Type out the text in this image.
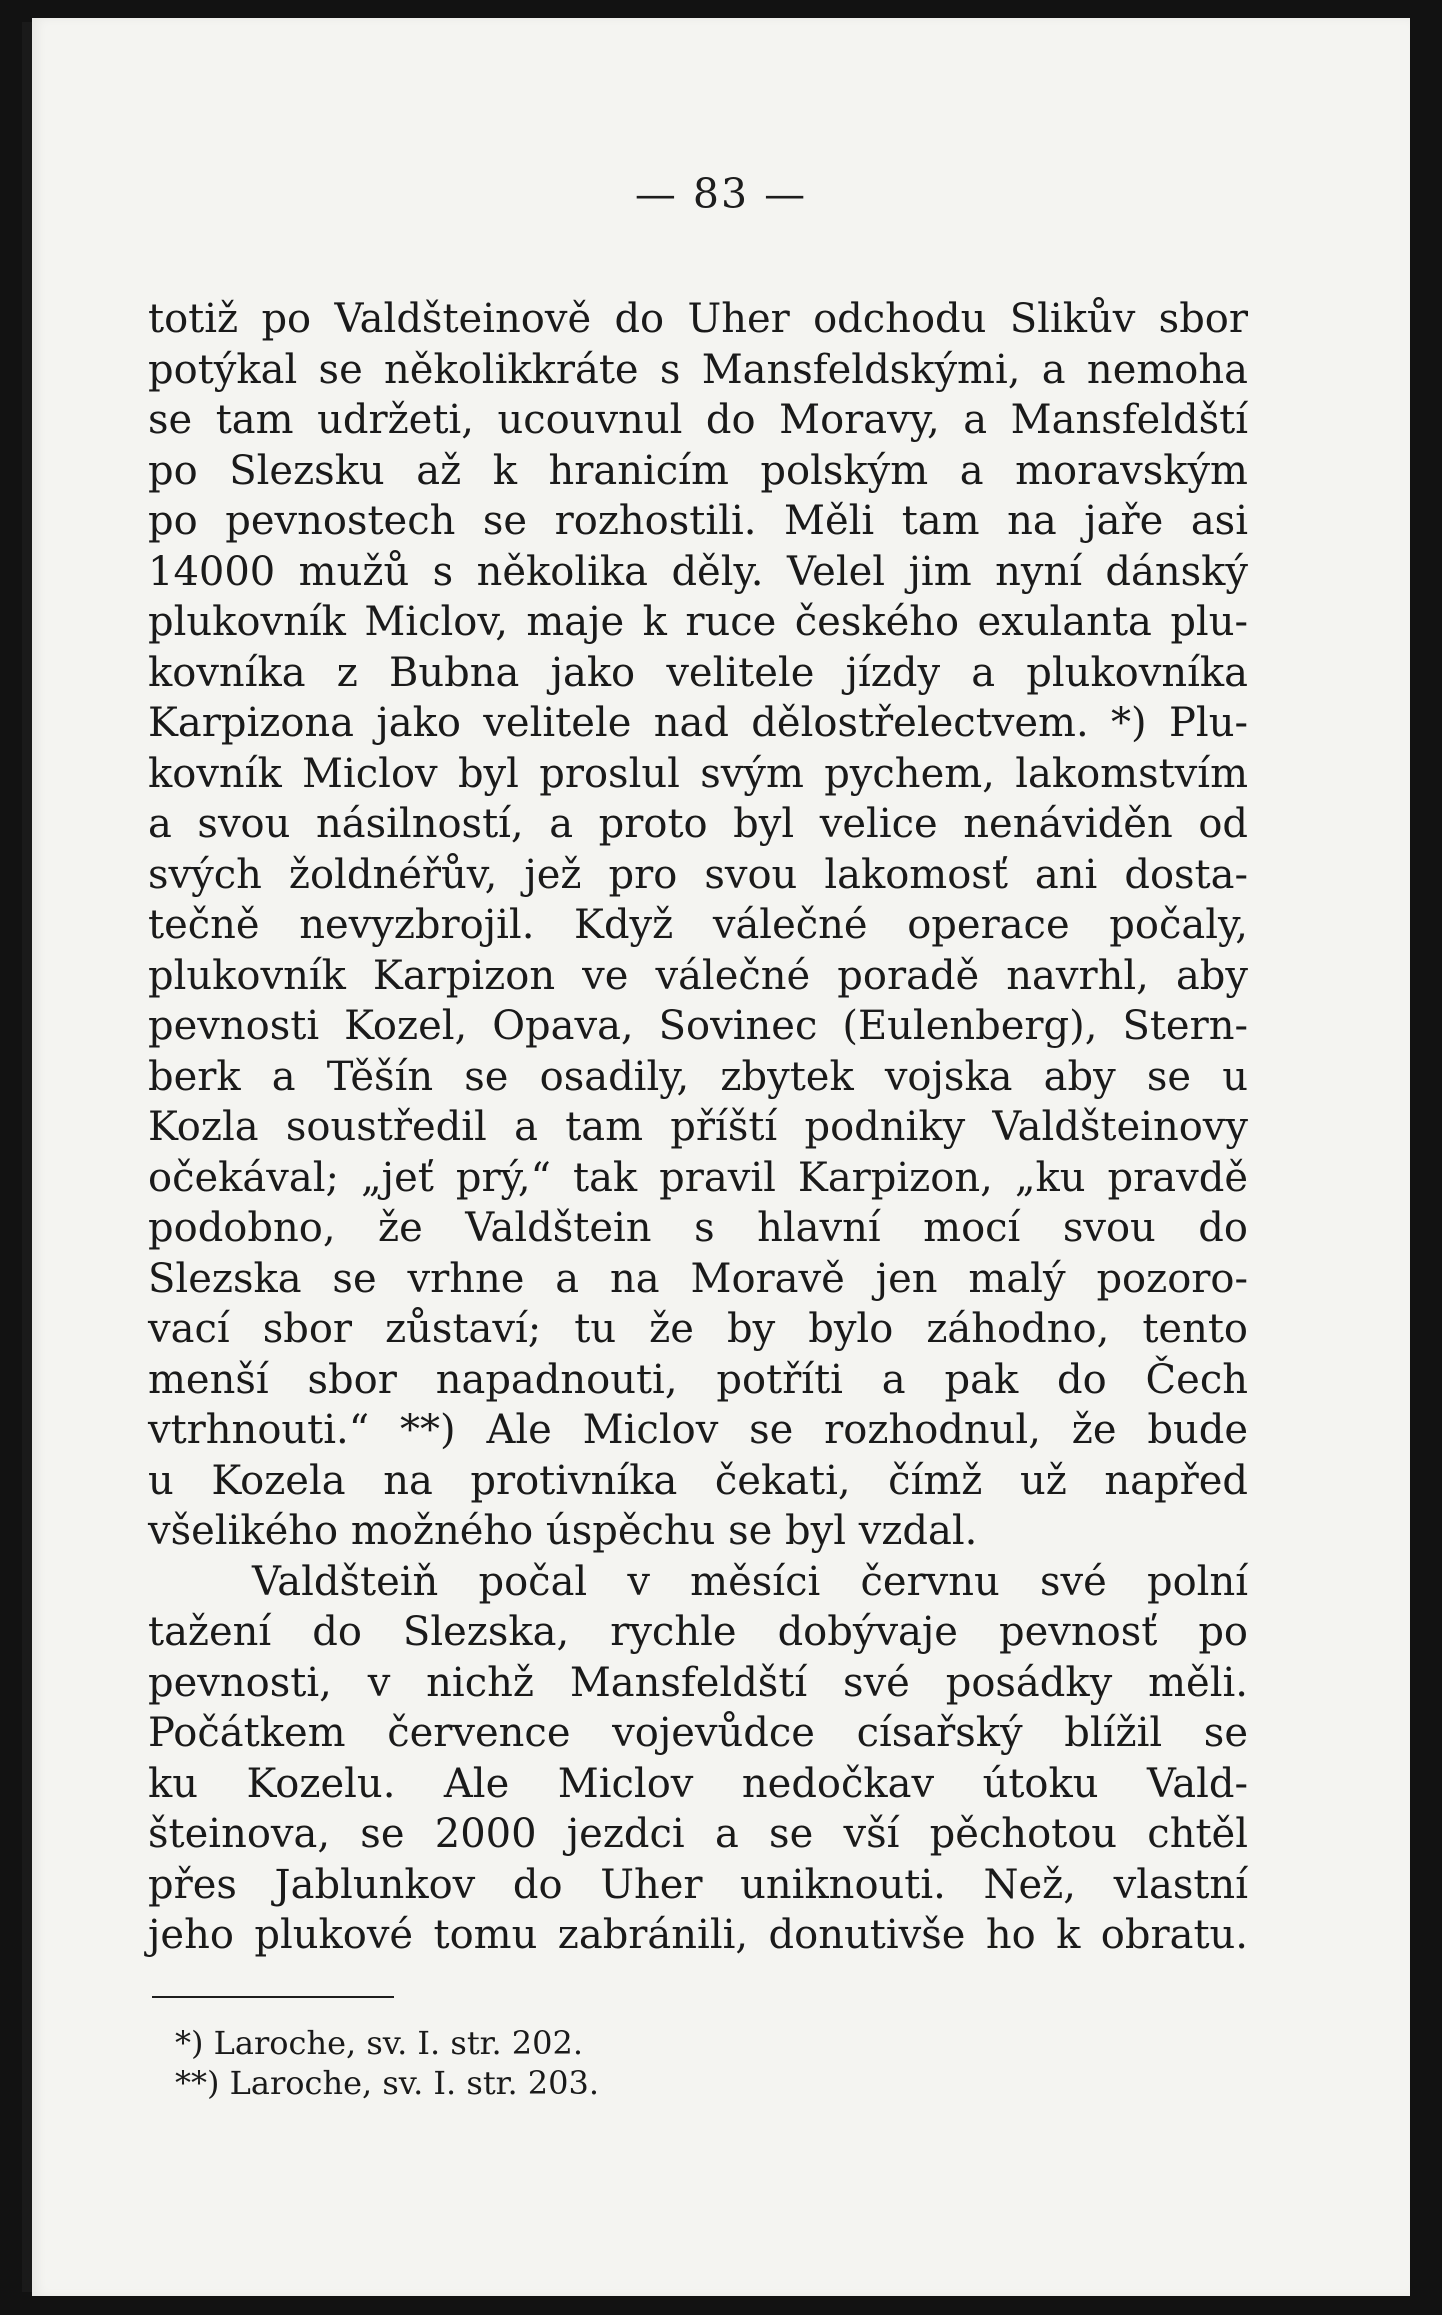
— 83 —
totiž po Valdšteinově do Uher odchodu Slikův sbor
potýkal se několikkráte s Mansfeldskými, a nemoha
se tam udržeti, ucouvnul do Moravy, a Mansfeldští
po Slezsku až k hranicím polským a moravským
po pevnostech se rozhostili. Měli tam na jaře asi
14000 mužů s několika děly. Velel jim nyní dánský
plukovník Miclov, maje k ruce českého exulanta plu-
kovníka z Bubna jako velitele jízdy a plukovníka
Karpizona jako velitele nad dělostřelectvem. *) Plu-
kovník Miclov byl proslul svým pychem, lakomstvím
a svou násilností, a proto byl velice nenáviděn od
svých žoldnéřův, jež pro svou lakomosť ani dosta-
tečně nevyzbrojil. Když válečné operace počaly,
plukovník Karpizon ve válečné poradě navrhl, aby
pevnosti Kozel, Opava, Sovinec (Eulenberg), Stern-
berk a Těšín se osadily, zbytek vojska aby se u
Kozla soustředil a tam příští podniky Valdšteinovy
očekával; „jeť prý,“ tak pravil Karpizon, „ku pravdě
podobno, že Valdštein s hlavní mocí svou do
Slezska se vrhne a na Moravě jen malý pozoro-
vací sbor zůstaví; tu že by bylo záhodno, tento
menší sbor napadnouti, potříti a pak do Čech
vtrhnouti.“ **) Ale Miclov se rozhodnul, že bude
u Kozela na protivníka čekati, čímž už napřed
všelikého možného úspěchu se byl vzdal.
Valdšteiň počal v měsíci červnu své polní
tažení do Slezska, rychle dobývaje pevnosť po
pevnosti, v nichž Mansfeldští své posádky měli.
Počátkem července vojevůdce císařský blížil se
ku Kozelu. Ale Miclov nedočkav útoku Vald-
šteinova, se 2000 jezdci a se vší pěchotou chtěl
přes Jablunkov do Uher uniknouti. Než, vlastní
jeho plukové tomu zabránili, donutivše ho k obratu.
*) Laroche, sv. I. str. 202.
**) Laroche, sv. I. str. 203.
